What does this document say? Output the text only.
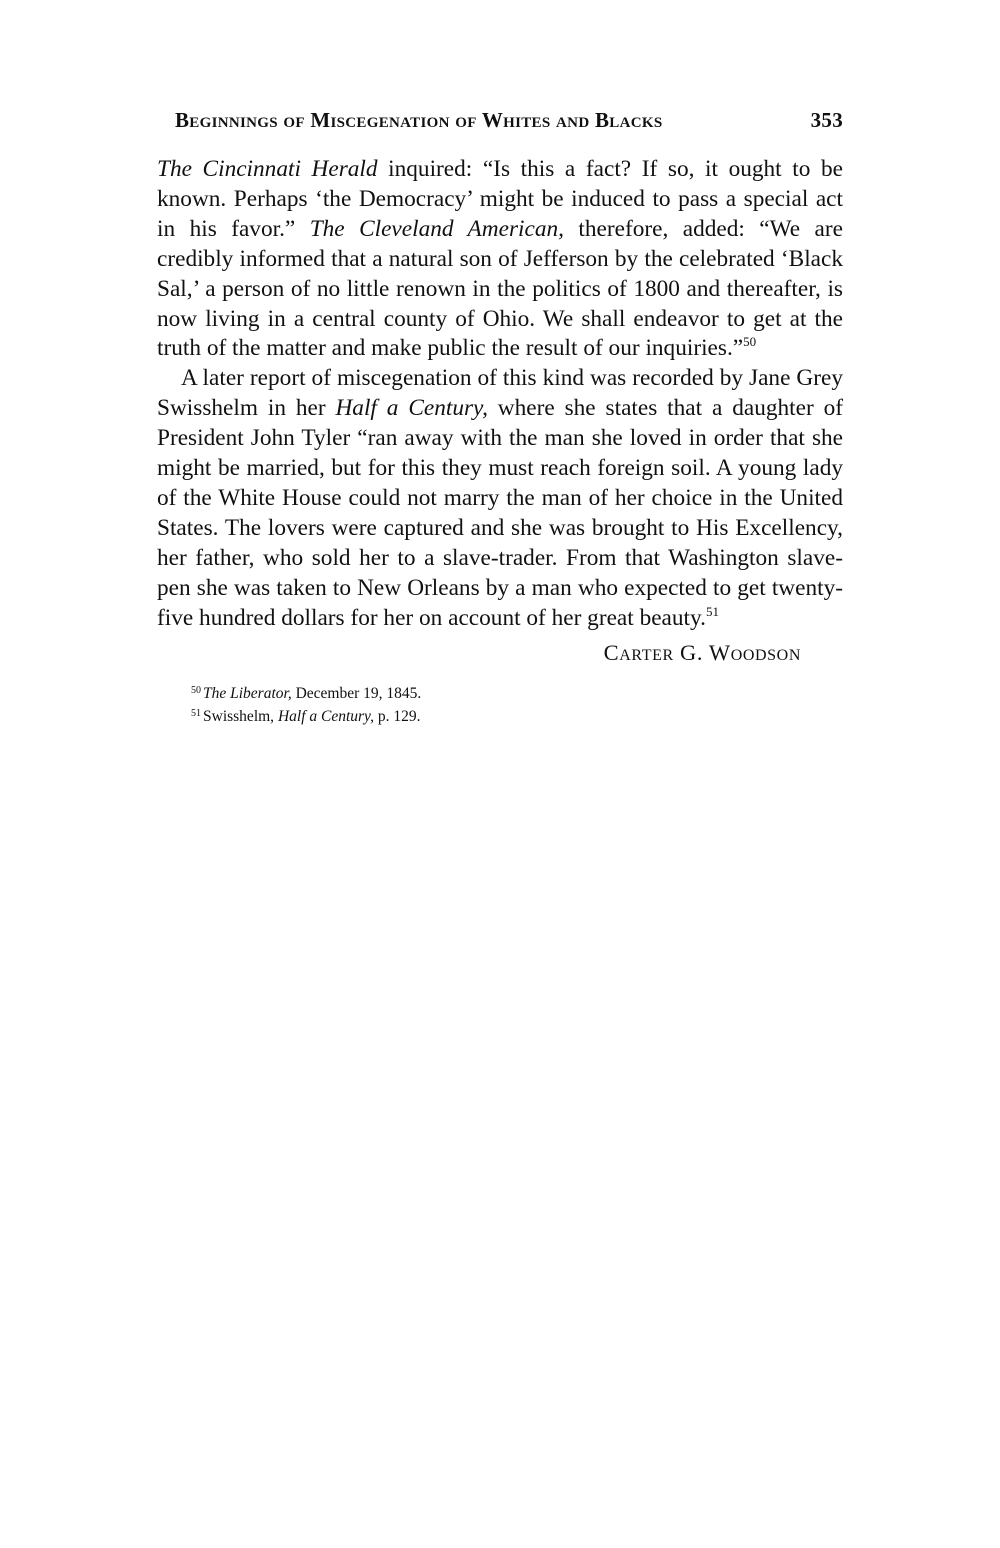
Beginnings of Miscegenation of Whites and Blacks	353

The Cincinnati Herald inquired: “Is this a fact? If so, it ought to be known. Perhaps ‘the Democracy’ might be induced to pass a special act in his favor.” The Cleveland American, therefore, added: “We are credibly informed that a natural son of Jefferson by the celebrated ‘Black Sal,’ a person of no little renown in the politics of 1800 and thereafter, is now living in a central county of Ohio. We shall endeavor to get at the truth of the matter and make public the result of our inquiries.”$^{50}$

A later report of miscegenation of this kind was recorded by Jane Grey Swisshelm in her Half a Century, where she states that a daughter of President John Tyler “ran away with the man she loved in order that she might be married, but for this they must reach foreign soil. A young lady of the White House could not marry the man of her choice in the United States. The lovers were captured and she was brought to His Excellency, her father, who sold her to a slave-trader. From that Washington slave-pen she was taken to New Orleans by a man who expected to get twenty-five hundred dollars for her on account of her great beauty.$^{51}$

Carter G. Woodson
$^{50}$ The Liberator, December 19, 1845.
$^{51}$ Swisshelm, Half a Century, p. 129.
